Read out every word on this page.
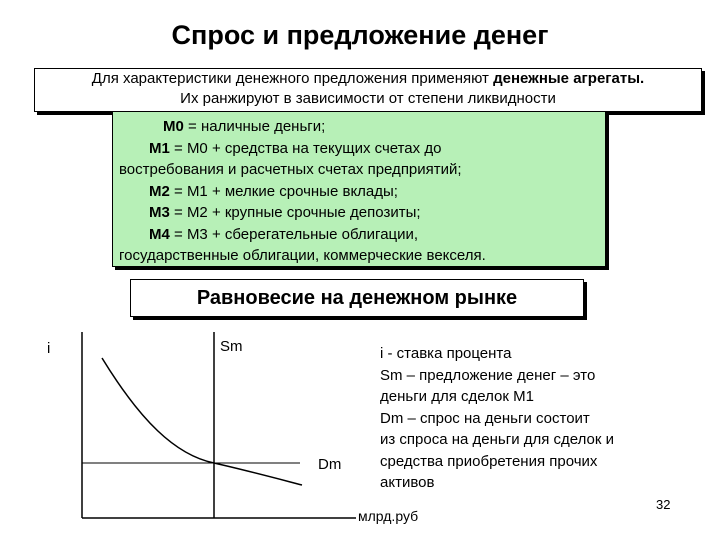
Спрос и предложение денег
Для характеристики денежного предложения применяют денежные агрегаты.
Их ранжируют в зависимости от степени ликвидности
М0 = наличные деньги;
М1 = М0 + средства на текущих счетах до
востребования и расчетных счетах предприятий;
М2 = М1 + мелкие срочные вклады;
М3 = М2 + крупные срочные депозиты;
М4 = М3 + сберегательные облигации,
государственные облигации, коммерческие векселя.
Равновесие на денежном рынке
i	Sm
Dm
млрд.руб
i - ставка процента
Sm – предложение денег – это
деньги для сделок М1
Dm – спрос на деньги состоит
из спроса на деньги для сделок и
средства приобретения прочих
активов
32
